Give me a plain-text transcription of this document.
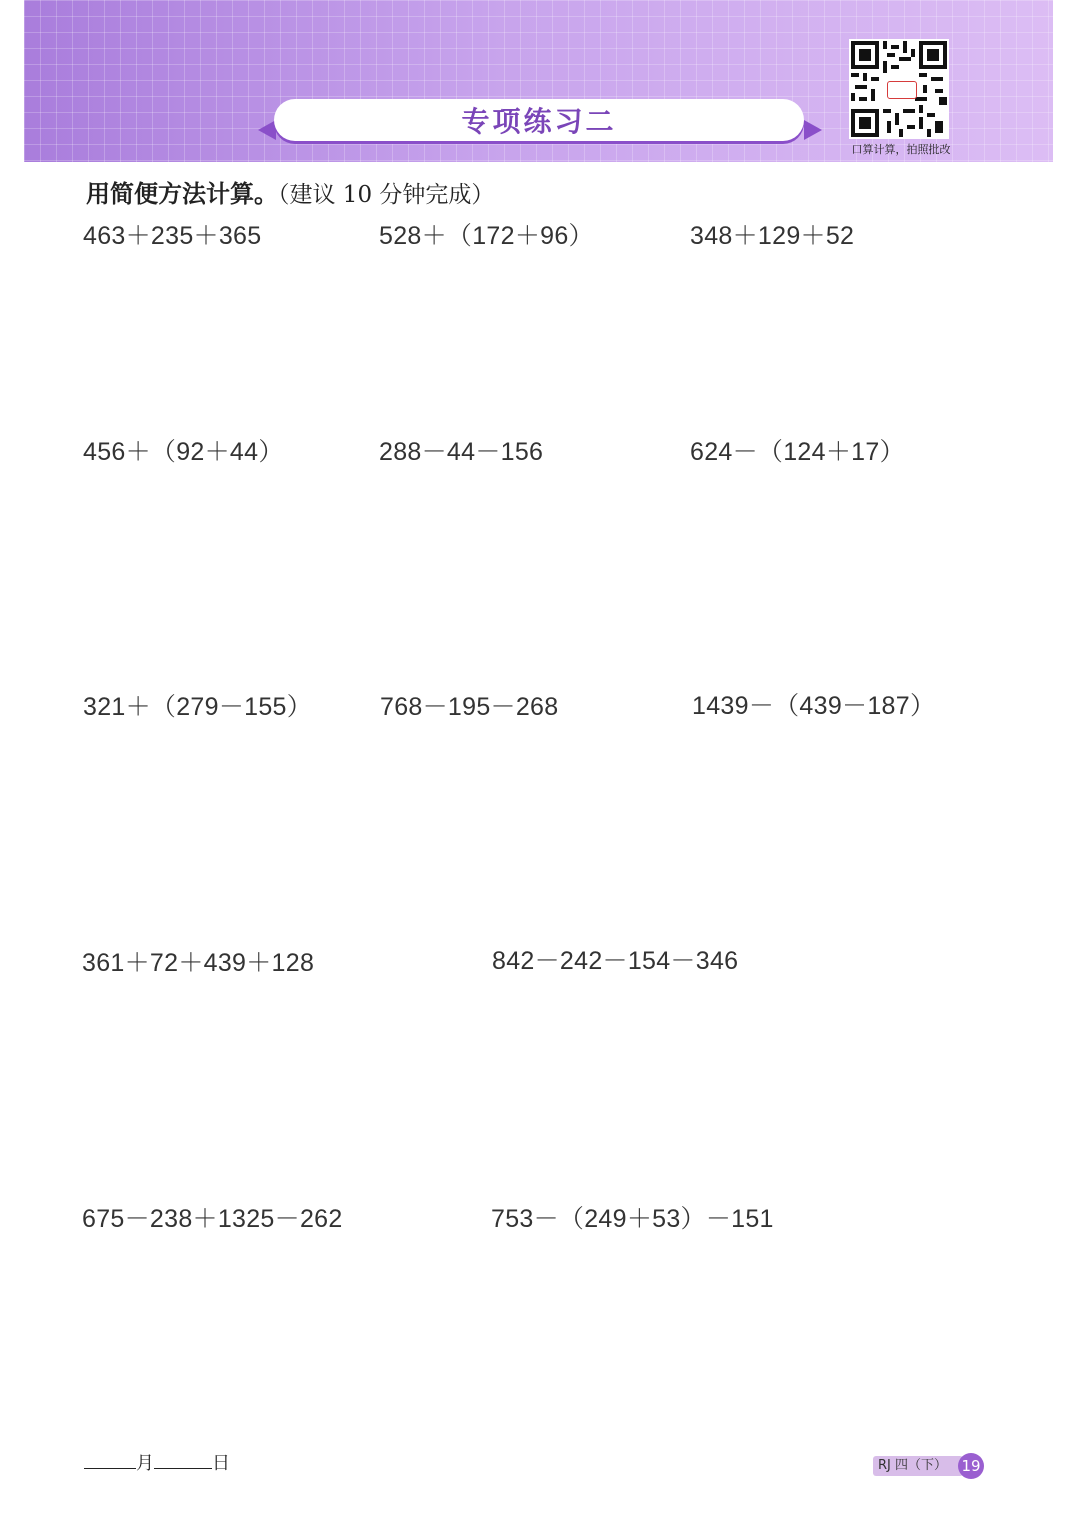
专项练习二
口算计算，拍照批改
用简便方法计算。（建议 10 分钟完成）
463＋235＋365	528＋（172＋96）	348＋129＋52
456＋（92＋44）	288－44－156	624－（124＋17）
321＋（279－155）	768－195－268	1439－（439－187）
361＋72＋439＋128	842－242－154－346
675－238＋1325－262	753－（249＋53）－151
月	日	RJ 四（下） 19
